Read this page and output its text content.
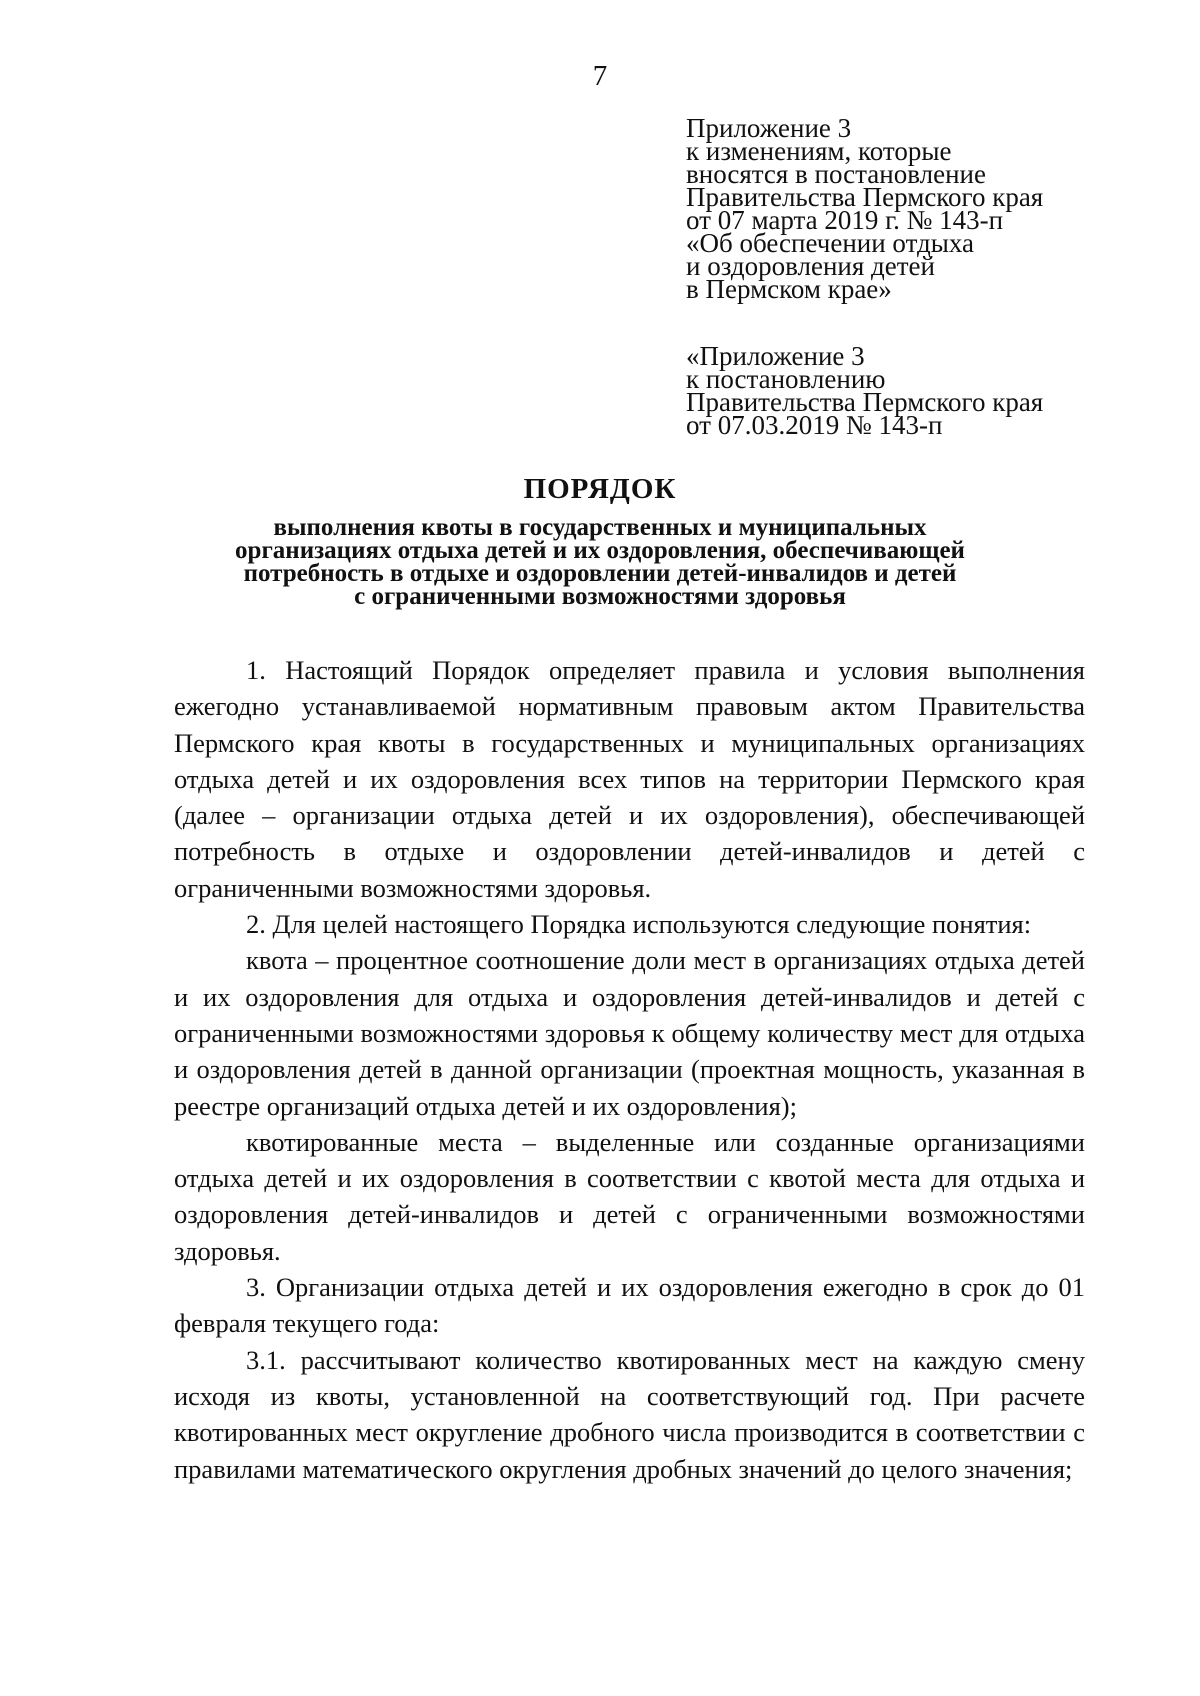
7
Приложение 3
к изменениям, которые
вносятся в постановление
Правительства Пермского края
от 07 марта 2019 г. № 143-п
«Об обеспечении отдыха
и оздоровления детей
в Пермском крае»
«Приложение 3
к постановлению
Правительства Пермского края
от 07.03.2019 № 143-п
ПОРЯДОК
выполнения квоты в государственных и муниципальных
организациях отдыха детей и их оздоровления, обеспечивающей
потребность в отдыхе и оздоровлении детей-инвалидов и детей
с ограниченными возможностями здоровья

1. Настоящий Порядок определяет правила и условия выполнения ежегодно устанавливаемой нормативным правовым актом Правительства Пермского края квоты в государственных и муниципальных организациях отдыха детей и их оздоровления всех типов на территории Пермского края (далее – организации отдыха детей и их оздоровления), обеспечивающей потребность в отдыхе и оздоровлении детей-инвалидов и детей с ограниченными возможностями здоровья.

2. Для целей настоящего Порядка используются следующие понятия:

квота – процентное соотношение доли мест в организациях отдыха детей и их оздоровления для отдыха и оздоровления детей-инвалидов и детей с ограниченными возможностями здоровья к общему количеству мест для отдыха и оздоровления детей в данной организации (проектная мощность, указанная в реестре организаций отдыха детей и их оздоровления);

квотированные места – выделенные или созданные организациями отдыха детей и их оздоровления в соответствии с квотой места для отдыха и оздоровления детей-инвалидов и детей с ограниченными возможностями здоровья.

3. Организации отдыха детей и их оздоровления ежегодно в срок до 01 февраля текущего года:

3.1. рассчитывают количество квотированных мест на каждую смену исходя из квоты, установленной на соответствующий год. При расчете квотированных мест округление дробного числа производится в соответствии с правилами математического округления дробных значений до целого значения;
